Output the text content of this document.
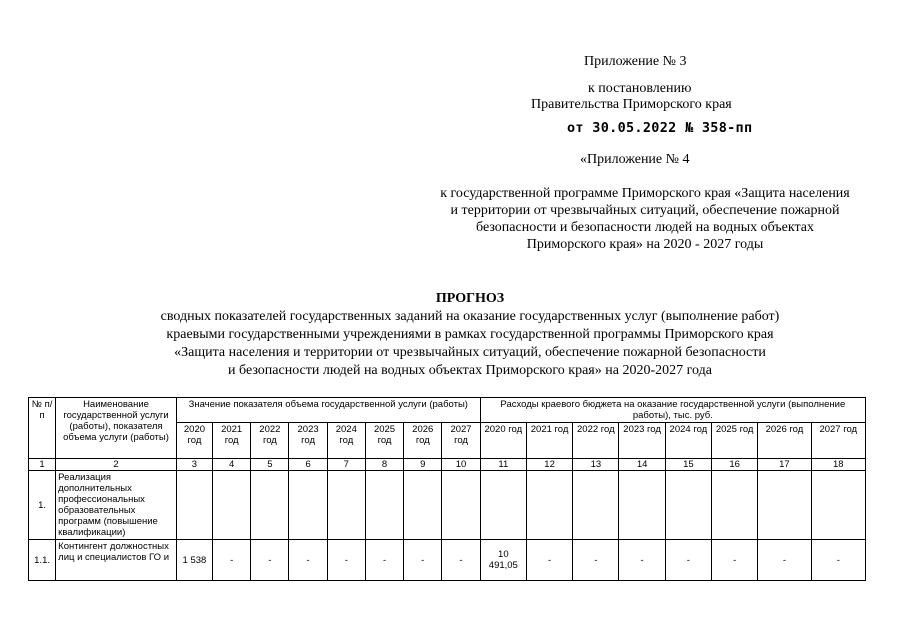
Приложение № 3
к постановлению
Правительства Приморского края
от 30.05.2022 № 358-пп
«Приложение № 4
к государственной программе Приморского края «Защита населения
и территории от чрезвычайных ситуаций, обеспечение пожарной
безопасности и безопасности людей на водных объектах
Приморского края» на 2020 - 2027 годы
ПРОГНОЗ
сводных показателей государственных заданий на оказание государственных услуг (выполнение работ)
краевыми государственными учреждениями в рамках государственной программы Приморского края
«Защита населения и территории от чрезвычайных ситуаций, обеспечение пожарной безопасности
и безопасности людей на водных объектах Приморского края» на 2020-2027 года
№ п/п	Наименование государственной услуги (работы), показателя объема услуги (работы)	Значение показателя объема государственной услуги (работы)								Расходы краевого бюджета на оказание государственной услуги (выполнение работы), тыс. руб.							
		2020 год	2021 год	2022 год	2023 год	2024 год	2025 год	2026 год	2027 год	2020 год	2021 год	2022 год	2023 год	2024 год	2025 год	2026 год	2027 год
1	2	3	4	5	6	7	8	9	10	11	12	13	14	15	16	17	18
1.	Реализация дополнительных профессиональных образовательных программ (повышение квалификации)																
1.1.	Контингент должностных лиц и специалистов ГО и	1 538	-	-	-	-	-	-	-	10 491,05	-	-	-	-	-	-	-
